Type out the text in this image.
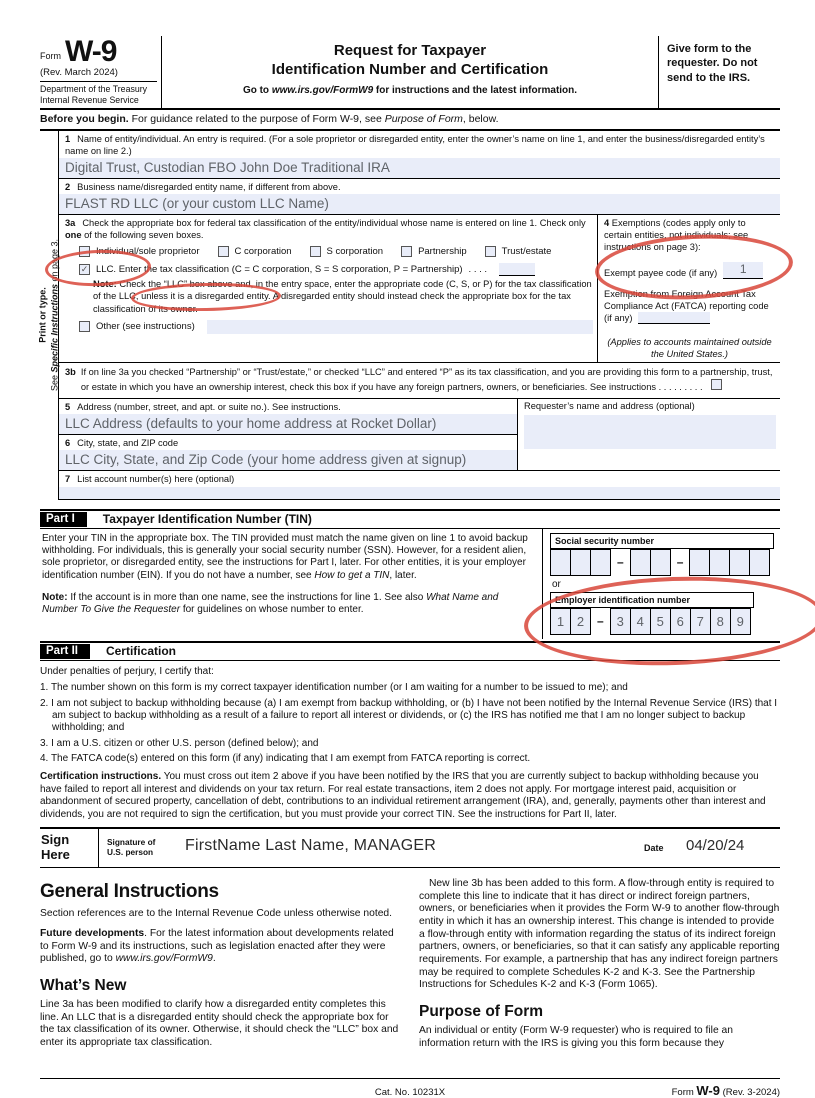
Form W-9
(Rev. March 2024)
Department of the Treasury
Internal Revenue Service
Request for Taxpayer
Identification Number and Certification
Go to www.irs.gov/FormW9 for instructions and the latest information.
Give form to the requester. Do not send to the IRS.
Before you begin. For guidance related to the purpose of Form W-9, see Purpose of Form, below.
Print or type.
See Specific Instructions on page 3.
1 Name of entity/individual. An entry is required. (For a sole proprietor or disregarded entity, enter the owner’s name on line 1, and enter the business/disregarded entity’s name on line 2.)
Digital Trust, Custodian FBO John Doe Traditional IRA
2 Business name/disregarded entity name, if different from above.
FLAST RD LLC (or your custom LLC Name)
3a Check the appropriate box for federal tax classification of the entity/individual whose name is entered on line 1. Check only one of the following seven boxes.
Individual/sole proprietor	C corporation	S corporation	Partnership	Trust/estate
✓ LLC. Enter the tax classification (C = C corporation, S = S corporation, P = Partnership) . . . .
Note: Check the “LLC” box above and, in the entry space, enter the appropriate code (C, S, or P) for the tax classification of the LLC,
unless it is a disregarded entity. A disregarded entity should instead check the appropriate box for the tax classification of its owner.
Other (see instructions)
4 Exemptions (codes apply only to certain entities, not individuals; see instructions on page 3):
Exempt payee code (if any)	1
Exemption from Foreign Account Tax Compliance Act (FATCA) reporting code (if any)
(Applies to accounts maintained outside the United States.)
3b If on line 3a you checked “Partnership” or “Trust/estate,” or checked “LLC” and entered “P” as its tax classification, and you are providing this form to a partnership, trust, or estate in which you have an ownership interest, check this box if you have any foreign partners, owners, or beneficiaries. See instructions . . . . . . . . .
5 Address (number, street, and apt. or suite no.). See instructions.
LLC Address (defaults to your home address at Rocket Dollar)
6 City, state, and ZIP code
LLC City, State, and Zip Code (your home address given at signup)
Requester’s name and address (optional)
7 List account number(s) here (optional)
Part I	Taxpayer Identification Number (TIN)

Enter your TIN in the appropriate box. The TIN provided must match the name given on line 1 to avoid backup withholding. For individuals, this is generally your social security number (SSN). However, for a resident alien, sole proprietor, or disregarded entity, see the instructions for Part I, later. For other entities, it is your employer identification number (EIN). If you do not have a number, see How to get a TIN, later.

Note: If the account is in more than one name, see the instructions for line 1. See also What Name and Number To Give the Requester for guidelines on whose number to enter.

Social security number
–	–
or
Employer identification number
1 2	– 3 4 5 6 7 8 9
Part II	Certification
Under penalties of perjury, I certify that:
1. The number shown on this form is my correct taxpayer identification number (or I am waiting for a number to be issued to me); and
2. I am not subject to backup withholding because (a) I am exempt from backup withholding, or (b) I have not been notified by the Internal Revenue Service (IRS) that I am subject to backup withholding as a result of a failure to report all interest or dividends, or (c) the IRS has notified me that I am no longer subject to backup withholding; and
3. I am a U.S. citizen or other U.S. person (defined below); and
4. The FATCA code(s) entered on this form (if any) indicating that I am exempt from FATCA reporting is correct.
Certification instructions. You must cross out item 2 above if you have been notified by the IRS that you are currently subject to backup withholding because you have failed to report all interest and dividends on your tax return. For real estate transactions, item 2 does not apply. For mortgage interest paid, acquisition or abandonment of secured property, cancellation of debt, contributions to an individual retirement arrangement (IRA), and, generally, payments other than interest and dividends, you are not required to sign the certification, but you must provide your correct TIN. See the instructions for Part II, later.
Sign
Here
Signature of
U.S. person	FirstName Last Name, MANAGER	Date	04/20/24
General Instructions

Section references are to the Internal Revenue Code unless otherwise noted.

Future developments. For the latest information about developments related to Form W-9 and its instructions, such as legislation enacted after they were published, go to www.irs.gov/FormW9.

What’s New

Line 3a has been modified to clarify how a disregarded entity completes this line. An LLC that is a disregarded entity should check the appropriate box for the tax classification of its owner. Otherwise, it should check the “LLC” box and enter its appropriate tax classification.

New line 3b has been added to this form. A flow-through entity is required to complete this line to indicate that it has direct or indirect foreign partners, owners, or beneficiaries when it provides the Form W-9 to another flow-through entity in which it has an ownership interest. This change is intended to provide a flow-through entity with information regarding the status of its indirect foreign partners, owners, or beneficiaries, so that it can satisfy any applicable reporting requirements. For example, a partnership that has any indirect foreign partners may be required to complete Schedules K-2 and K-3. See the Partnership Instructions for Schedules K-2 and K-3 (Form 1065).

Purpose of Form

An individual or entity (Form W-9 requester) who is required to file an information return with the IRS is giving you this form because they

Cat. No. 10231X	Form W-9 (Rev. 3-2024)
